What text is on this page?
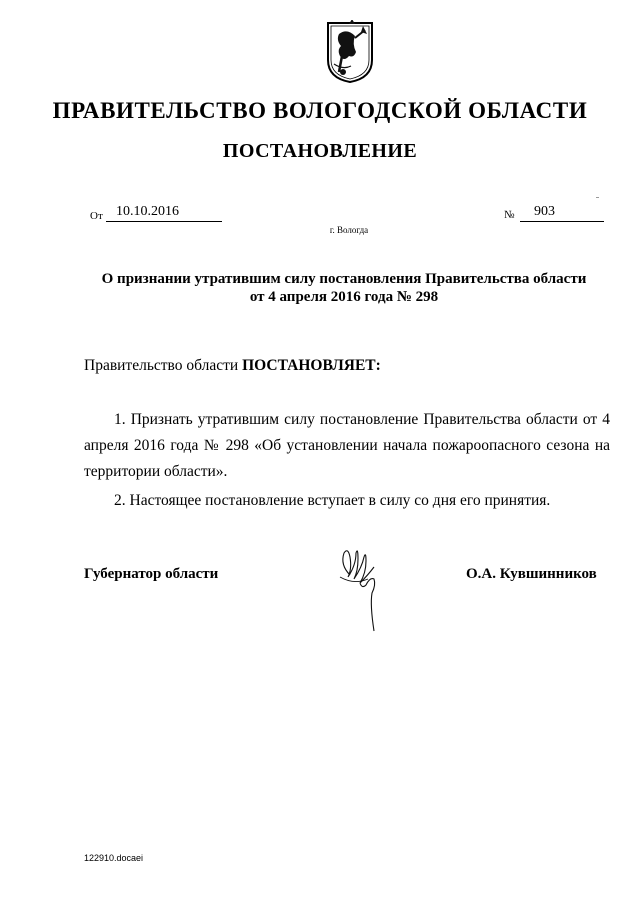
ПРАВИТЕЛЬСТВО ВОЛОГОДСКОЙ ОБЛАСТИ
ПОСТАНОВЛЕНИЕ
От 10.10.2016	№	903
г. Вологда
О признании утратившим силу постановления Правительства области
от 4 апреля 2016 года № 298
Правительство области ПОСТАНОВЛЯЕТ:
1. Признать утратившим силу постановление Правительства области от 4 апреля 2016 года № 298 «Об установлении начала пожароопасного сезона на территории области».
2. Настоящее постановление вступает в силу со дня его принятия.
Губернатор области	О.А. Кувшинников
122910.docaei
